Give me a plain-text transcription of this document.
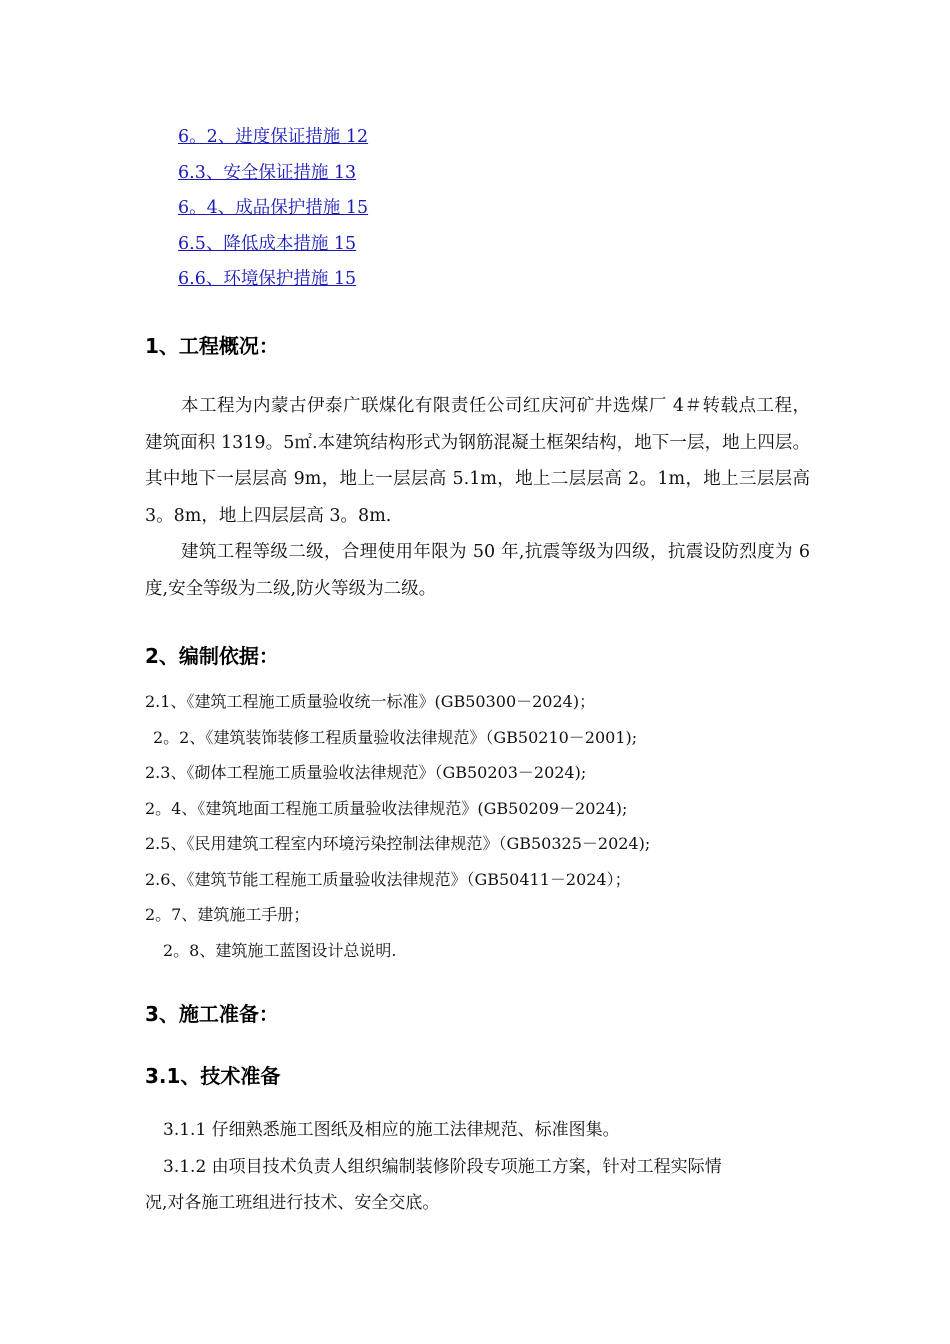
6。2、进度保证措施 12
6.3、安全保证措施 13
6。4、成品保护措施 15
6.5、降低成本措施 15
6.6、环境保护措施 15
1、工程概况：
本工程为内蒙古伊泰广联煤化有限责任公司红庆河矿井选煤厂 4＃转载点工程，建筑面积 1319。5㎡.本建筑结构形式为钢筋混凝土框架结构，地下一层，地上四层。其中地下一层层高 9m，地上一层层高 5.1m，地上二层层高 2。1m，地上三层层高 3。8m，地上四层层高 3。8m.
建筑工程等级二级，合理使用年限为 50 年,抗震等级为四级，抗震设防烈度为 6 度,安全等级为二级,防火等级为二级。
2、编制依据：
2.1、《建筑工程施工质量验收统一标准》(GB50300－2024)；
2。2、《建筑装饰装修工程质量验收法律规范》（GB50210－2001);
2.3、《砌体工程施工质量验收法律规范》（GB50203－2024);
2。4、《建筑地面工程施工质量验收法律规范》(GB50209－2024);
2.5、《民用建筑工程室内环境污染控制法律规范》（GB50325－2024);
2.6、《建筑节能工程施工质量验收法律规范》（GB50411－2024）；
2。7、建筑施工手册；
2。8、建筑施工蓝图设计总说明.
3、施工准备：
3.1、技术准备
3.1.1 仔细熟悉施工图纸及相应的施工法律规范、标准图集。
3.1.2 由项目技术负责人组织编制装修阶段专项施工方案，针对工程实际情
况,对各施工班组进行技术、安全交底。
